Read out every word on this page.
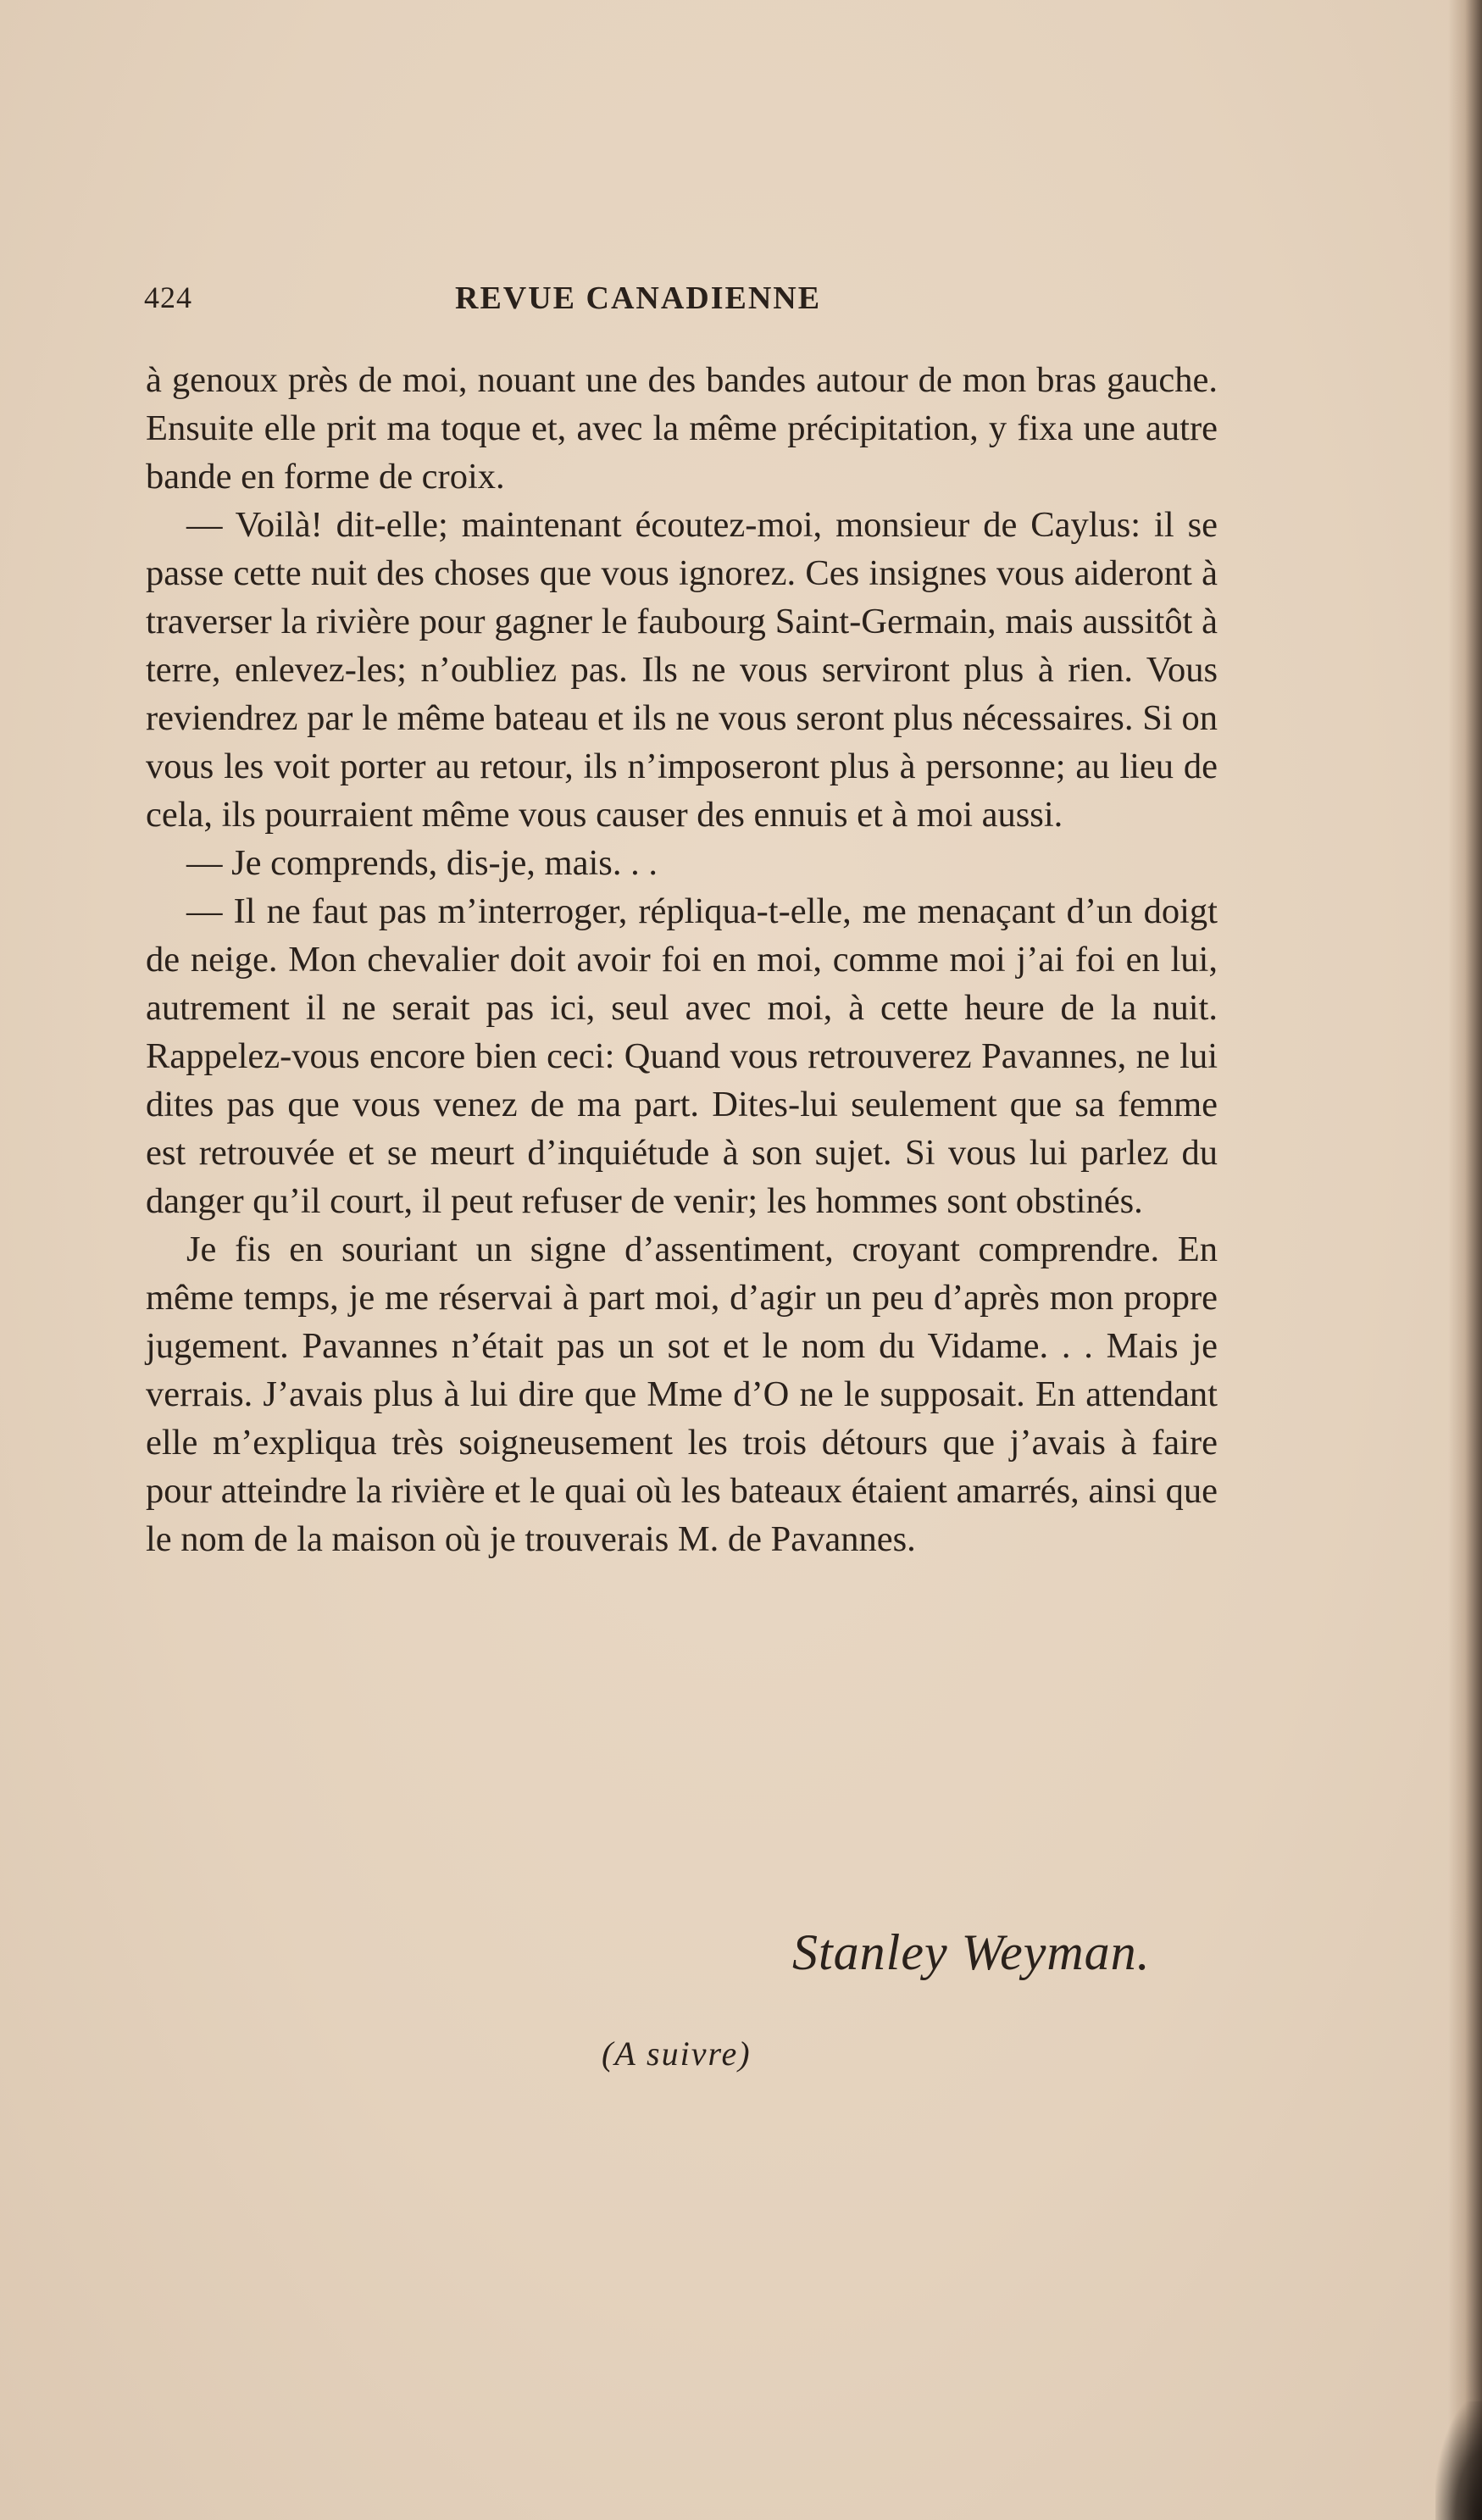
424	REVUE CANADIENNE

à genoux près de moi, nouant une des bandes autour de mon bras gauche. Ensuite elle prit ma toque et, avec la même précipitation, y fixa une autre bande en forme de croix.

— Voilà! dit-elle; maintenant écoutez-moi, monsieur de Caylus: il se passe cette nuit des choses que vous ignorez. Ces insignes vous aideront à traverser la rivière pour gagner le faubourg Saint-Germain, mais aussitôt à terre, enlevez-les; n’oubliez pas. Ils ne vous serviront plus à rien. Vous reviendrez par le même bateau et ils ne vous seront plus nécessaires. Si on vous les voit porter au retour, ils n’imposeront plus à personne; au lieu de cela, ils pourraient même vous causer des ennuis et à moi aussi.

— Je comprends, dis-je, mais. . .

— Il ne faut pas m’interroger, répliqua-t-elle, me menaçant d’un doigt de neige. Mon chevalier doit avoir foi en moi, comme moi j’ai foi en lui, autrement il ne serait pas ici, seul avec moi, à cette heure de la nuit. Rappelez-vous encore bien ceci: Quand vous retrouverez Pavannes, ne lui dites pas que vous venez de ma part. Dites-lui seulement que sa femme est retrouvée et se meurt d’inquiétude à son sujet. Si vous lui parlez du danger qu’il court, il peut refuser de venir; les hommes sont obstinés.

Je fis en souriant un signe d’assentiment, croyant comprendre. En même temps, je me réservai à part moi, d’agir un peu d’après mon propre jugement. Pavannes n’était pas un sot et le nom du Vidame. . . Mais je verrais. J’avais plus à lui dire que Mme d’O ne le supposait. En attendant elle m’expliqua très soigneusement les trois détours que j’avais à faire pour atteindre la rivière et le quai où les bateaux étaient amarrés, ainsi que le nom de la maison où je trouverais M. de Pavannes.

Stanley Weyman.
(A suivre)
